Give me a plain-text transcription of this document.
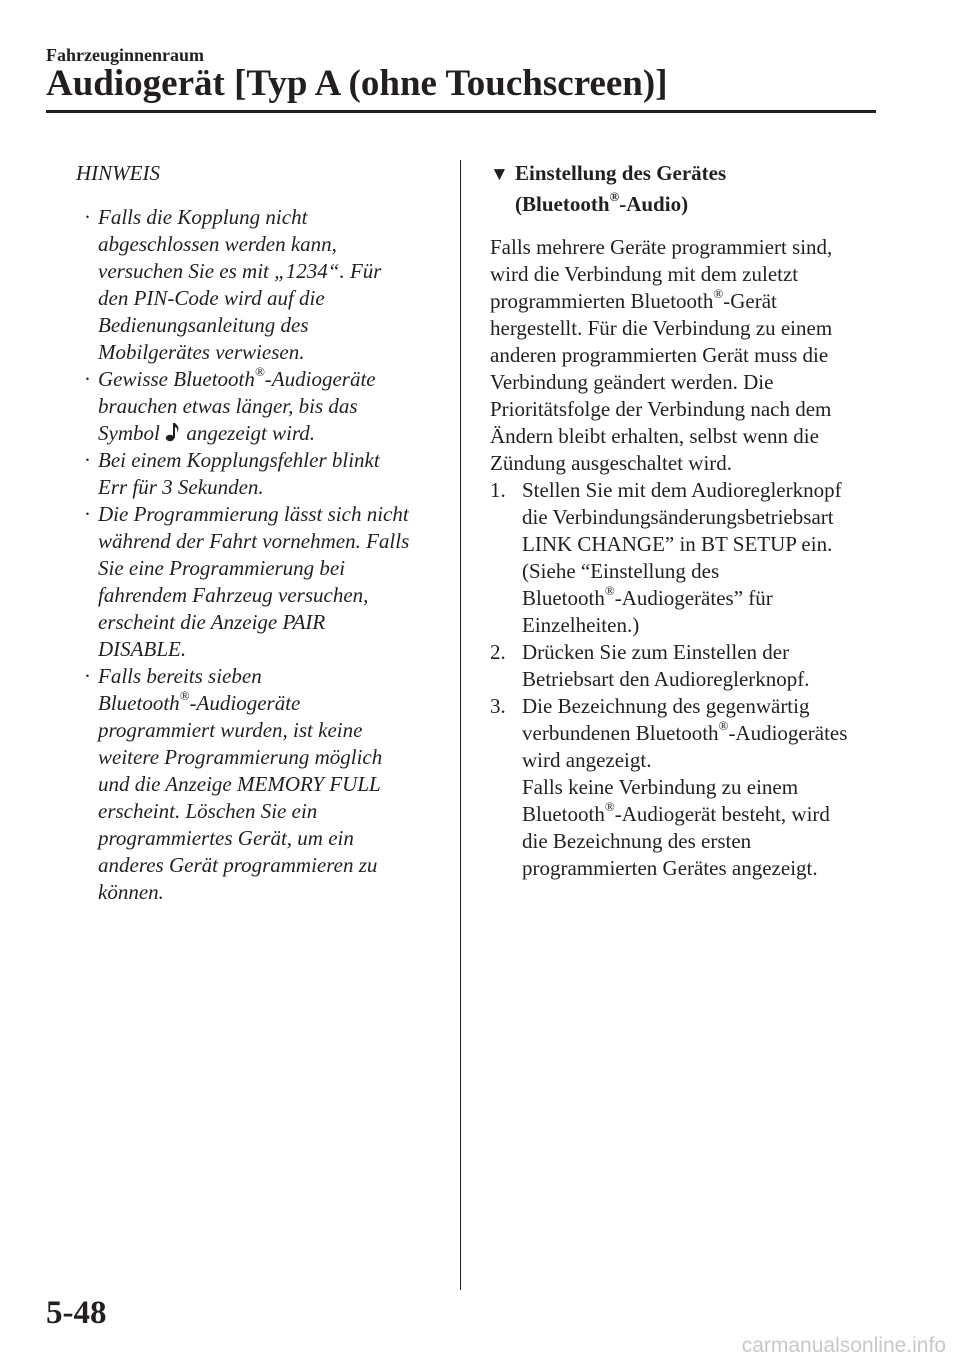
Fahrzeuginnenraum
Audiogerät [Typ A (ohne Touchscreen)]
HINWEIS
· Falls die Kopplung nicht
abgeschlossen werden kann,
versuchen Sie es mit „1234“. Für
den PIN-Code wird auf die
Bedienungsanleitung des
Mobilgerätes verwiesen.
· Gewisse Bluetooth®-Audiogeräte
brauchen etwas länger, bis das
Symbol angezeigt wird.
· Bei einem Kopplungsfehler blinkt
Err für 3 Sekunden.
· Die Programmierung lässt sich nicht
während der Fahrt vornehmen. Falls
Sie eine Programmierung bei
fahrendem Fahrzeug versuchen,
erscheint die Anzeige PAIR
DISABLE.
· Falls bereits sieben
Bluetooth®-Audiogeräte
programmiert wurden, ist keine
weitere Programmierung möglich
und die Anzeige MEMORY FULL
erscheint. Löschen Sie ein
programmiertes Gerät, um ein
anderes Gerät programmieren zu
können.
▼ Einstellung des Gerätes
(Bluetooth®-Audio)
Falls mehrere Geräte programmiert sind,
wird die Verbindung mit dem zuletzt
programmierten Bluetooth®-Gerät
hergestellt. Für die Verbindung zu einem
anderen programmierten Gerät muss die
Verbindung geändert werden. Die
Prioritätsfolge der Verbindung nach dem
Ändern bleibt erhalten, selbst wenn die
Zündung ausgeschaltet wird.
1. Stellen Sie mit dem Audioreglerknopf
die Verbindungsänderungsbetriebsart
LINK CHANGE” in BT SETUP ein.
(Siehe “Einstellung des
Bluetooth®-Audiogerätes” für
Einzelheiten.)
2. Drücken Sie zum Einstellen der
Betriebsart den Audioreglerknopf.
3. Die Bezeichnung des gegenwärtig
verbundenen Bluetooth®-Audiogerätes
wird angezeigt.
Falls keine Verbindung zu einem
Bluetooth®-Audiogerät besteht, wird
die Bezeichnung des ersten
programmierten Gerätes angezeigt.
5-48
carmanualsonline.info
